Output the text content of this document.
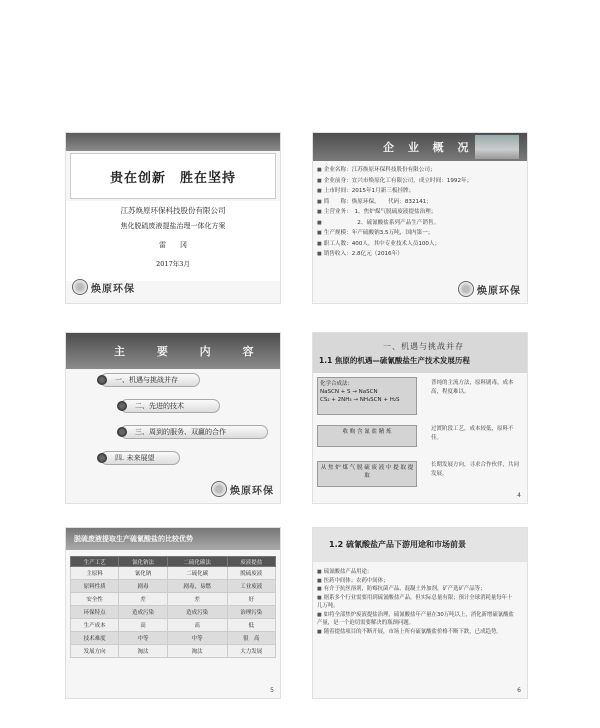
贵在创新　胜在坚持
江苏焕原环保科技股份有限公司
焦化脱硫废液提盐治理一体化方案
雷　　冈
2017年3月
焕原环保
企 业 概 况
■ 企业名称：江苏焕原环保科技股份有限公司；
■ 企业前身：宜兴市焕原化工有限公司，成立时间：1992年；
■ 上市时间：2015年1月新三板挂牌；
■ 简　　称：焕原环保，　　代码：832141；
■ 主营业务：　1、焦炉煤气脱硫废液提盐治理；
■ 　　　　　　2、硫氰酸盐系列产品生产销售。
■ 生产规模：年产硫酸钠3.5万吨，国内第一；
■ 职工人数：400人，其中专业技术人员100人；
■ 销售收入：2.8亿元（2016年）
焕原环保
主 要 内 容
一、机遇与挑战并存
二、先进的技术
三、周到的服务、双赢的合作
四. 未来展望
焕原环保
一、机遇与挑战并存
1.1 焦原的机遇—硫氰酸盐生产技术发展历程
化学合成法：
NaSCN + S → NaSCN
CS₂ + 2NH₃ → NH₄SCN + H₂S
收 购 含 氰 盐 精 炼
从 焦 炉 煤 气 脱 硫 废 液 中 提 取 提 取
普纯的主流方法，原料剧毒，成本高，程度难以。
过渡阶段工艺，成本较低，原料不佳。
长期发展方向，寻求合作伙伴，共同发展。
4
脱硫废液提取生产硫氰酸盐的比较优势
生产工艺	氰化钠法	二硫化碳法	废液提盐
主原料	氰化钠	二硫化碳	脱硫废液
原料性质	剧毒	剧毒，易燃	工业废液
安全性	差	差	好
环保特点	造成污染	造成污染	治理污染
生产成本	高	高	低
技术难度	中等	中等	很　高
发展方向	淘汰	淘汰	大力发展
5
1.2 硫氰酸盐产品下游用途和市场前景
■ 硫氰酸盐产品用途：
■ 医药中间体；农药中间体；
■ 有介于抗丝溶剂，防霉抗菌产品、混凝土外加剂，矿产选矿产品等；
■ 据系多个行业需要用到硫氰酸盐产品，但实际总量有限；预计全球消耗量每年十几万吨。
■ 如将全部焦炉废液提盐治理，硫氰酸盐年产量在30万吨以上，消化新增硫氰酸盐产量，是一个迫切需要解决的瓶颈问题。
■ 随着提盐项目的不断开展，市场上所有硫氰酸盐价格不断下跌，已成趋势。
6
